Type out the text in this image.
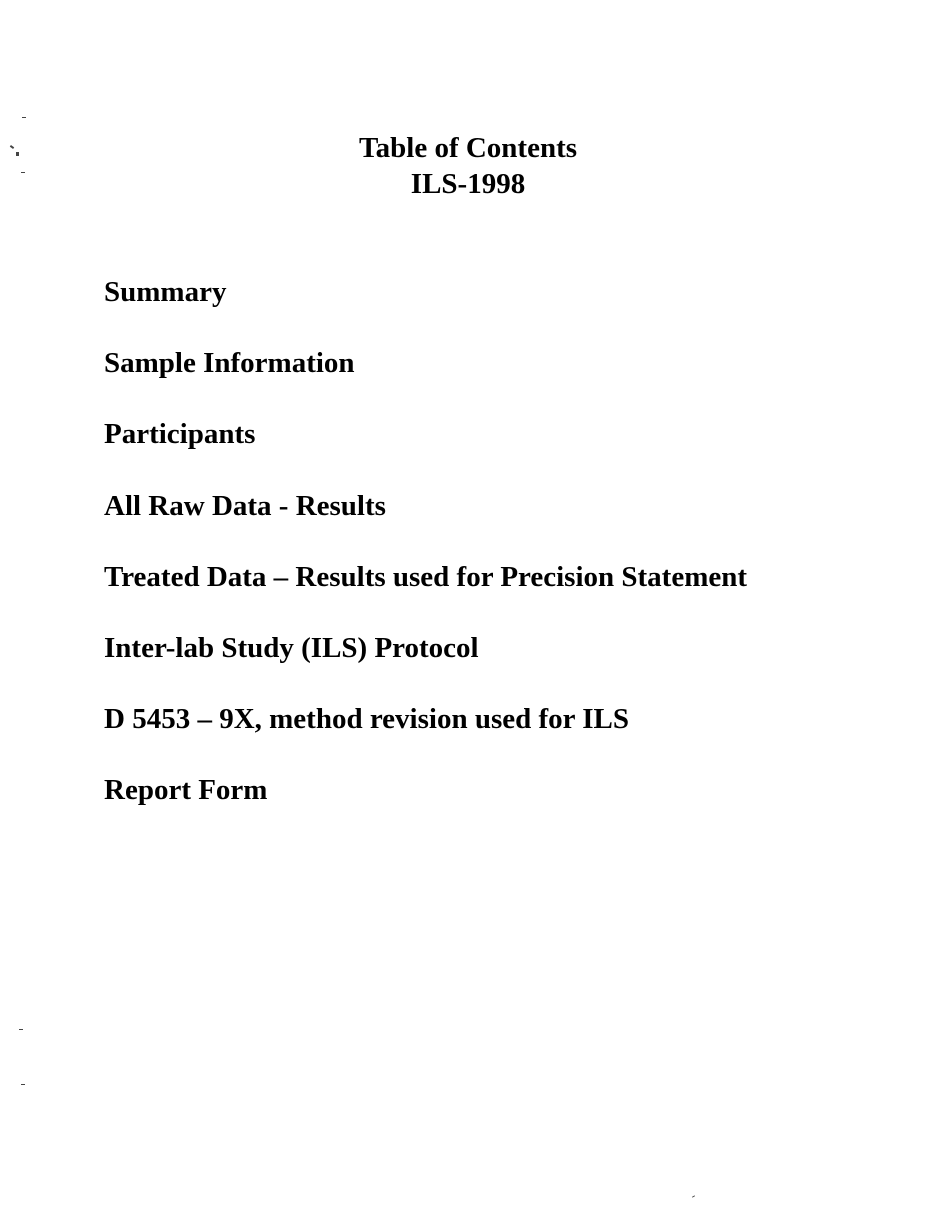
Table of Contents
ILS-1998
Summary
Sample Information
Participants
All Raw Data - Results
Treated Data – Results used for Precision Statement
Inter-lab Study (ILS) Protocol
D 5453 – 9X, method revision used for ILS
Report Form
